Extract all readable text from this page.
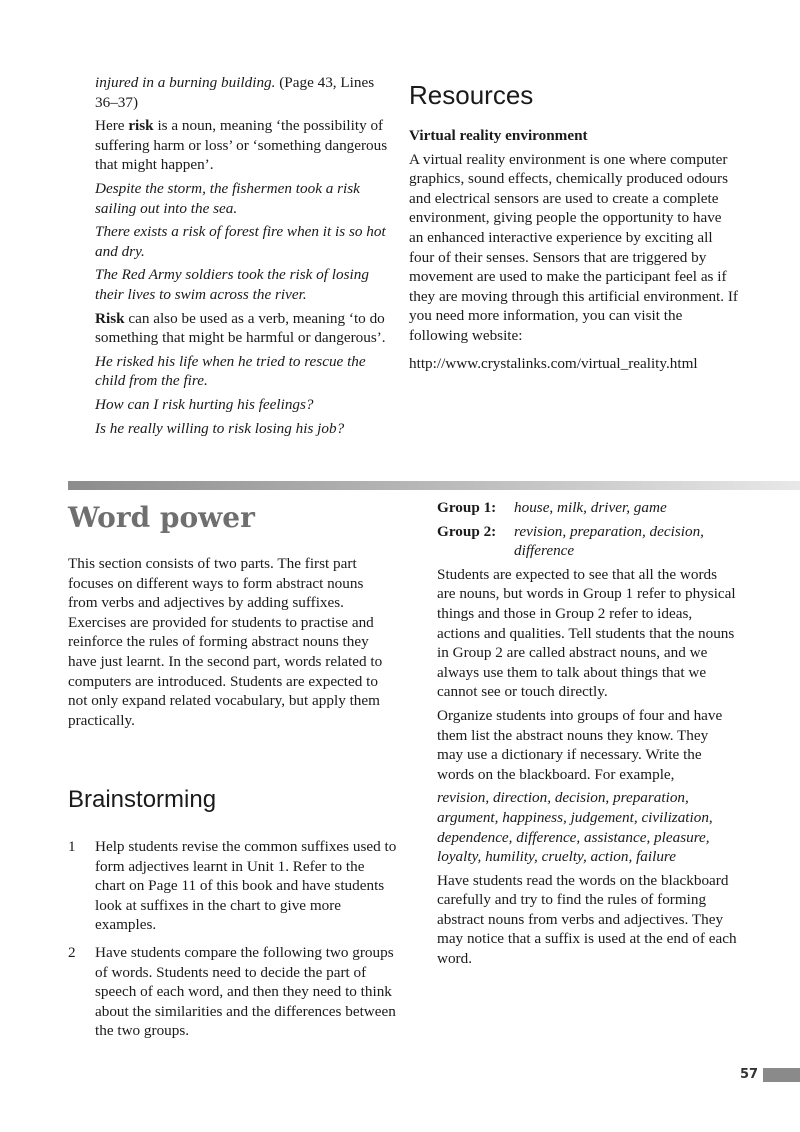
injured in a burning building. (Page 43, Lines 36–37)

Here risk is a noun, meaning ‘the possibility of suffering harm or loss’ or ‘something dangerous that might happen’.

Despite the storm, the fishermen took a risk sailing out into the sea.

There exists a risk of forest fire when it is so hot and dry.

The Red Army soldiers took the risk of losing their lives to swim across the river.

Risk can also be used as a verb, meaning ‘to do something that might be harmful or dangerous’.

He risked his life when he tried to rescue the child from the fire.

How can I risk hurting his feelings?

Is he really willing to risk losing his job?

Resources

Virtual reality environment

A virtual reality environment is one where computer graphics, sound effects, chemically produced odours and electrical sensors are used to create a complete environment, giving people the opportunity to have an enhanced interactive experience by exciting all four of their senses. Sensors that are triggered by movement are used to make the participant feel as if they are moving through this artificial environment. If you need more information, you can visit the following website:

http://www.crystalinks.com/virtual_reality.html

Word power

This section consists of two parts. The first part focuses on different ways to form abstract nouns from verbs and adjectives by adding suffixes. Exercises are provided for students to practise and reinforce the rules of forming abstract nouns they have just learnt. In the second part, words related to computers are introduced. Students are expected to not only expand related vocabulary, but apply them practically.

Brainstorming
1	Help students revise the common suffixes used to form adjectives learnt in Unit 1. Refer to the chart on Page 11 of this book and have students look at suffixes in the chart to give more examples.
2	Have students compare the following two groups of words. Students need to decide the part of speech of each word, and then they need to think about the similarities and the differences between the two groups.
Group 1:	house, milk, driver, game
Group 2:	revision, preparation, decision, difference

Students are expected to see that all the words are nouns, but words in Group 1 refer to physical things and those in Group 2 refer to ideas, actions and qualities. Tell students that the nouns in Group 2 are called abstract nouns, and we always use them to talk about things that we cannot see or touch directly.

Organize students into groups of four and have them list the abstract nouns they know. They may use a dictionary if necessary. Write the words on the blackboard. For example,

revision, direction, decision, preparation, argument, happiness, judgement, civilization, dependence, difference, assistance, pleasure, loyalty, humility, cruelty, action, failure

Have students read the words on the blackboard carefully and try to find the rules of forming abstract nouns from verbs and adjectives. They may notice that a suffix is used at the end of each word.

57
